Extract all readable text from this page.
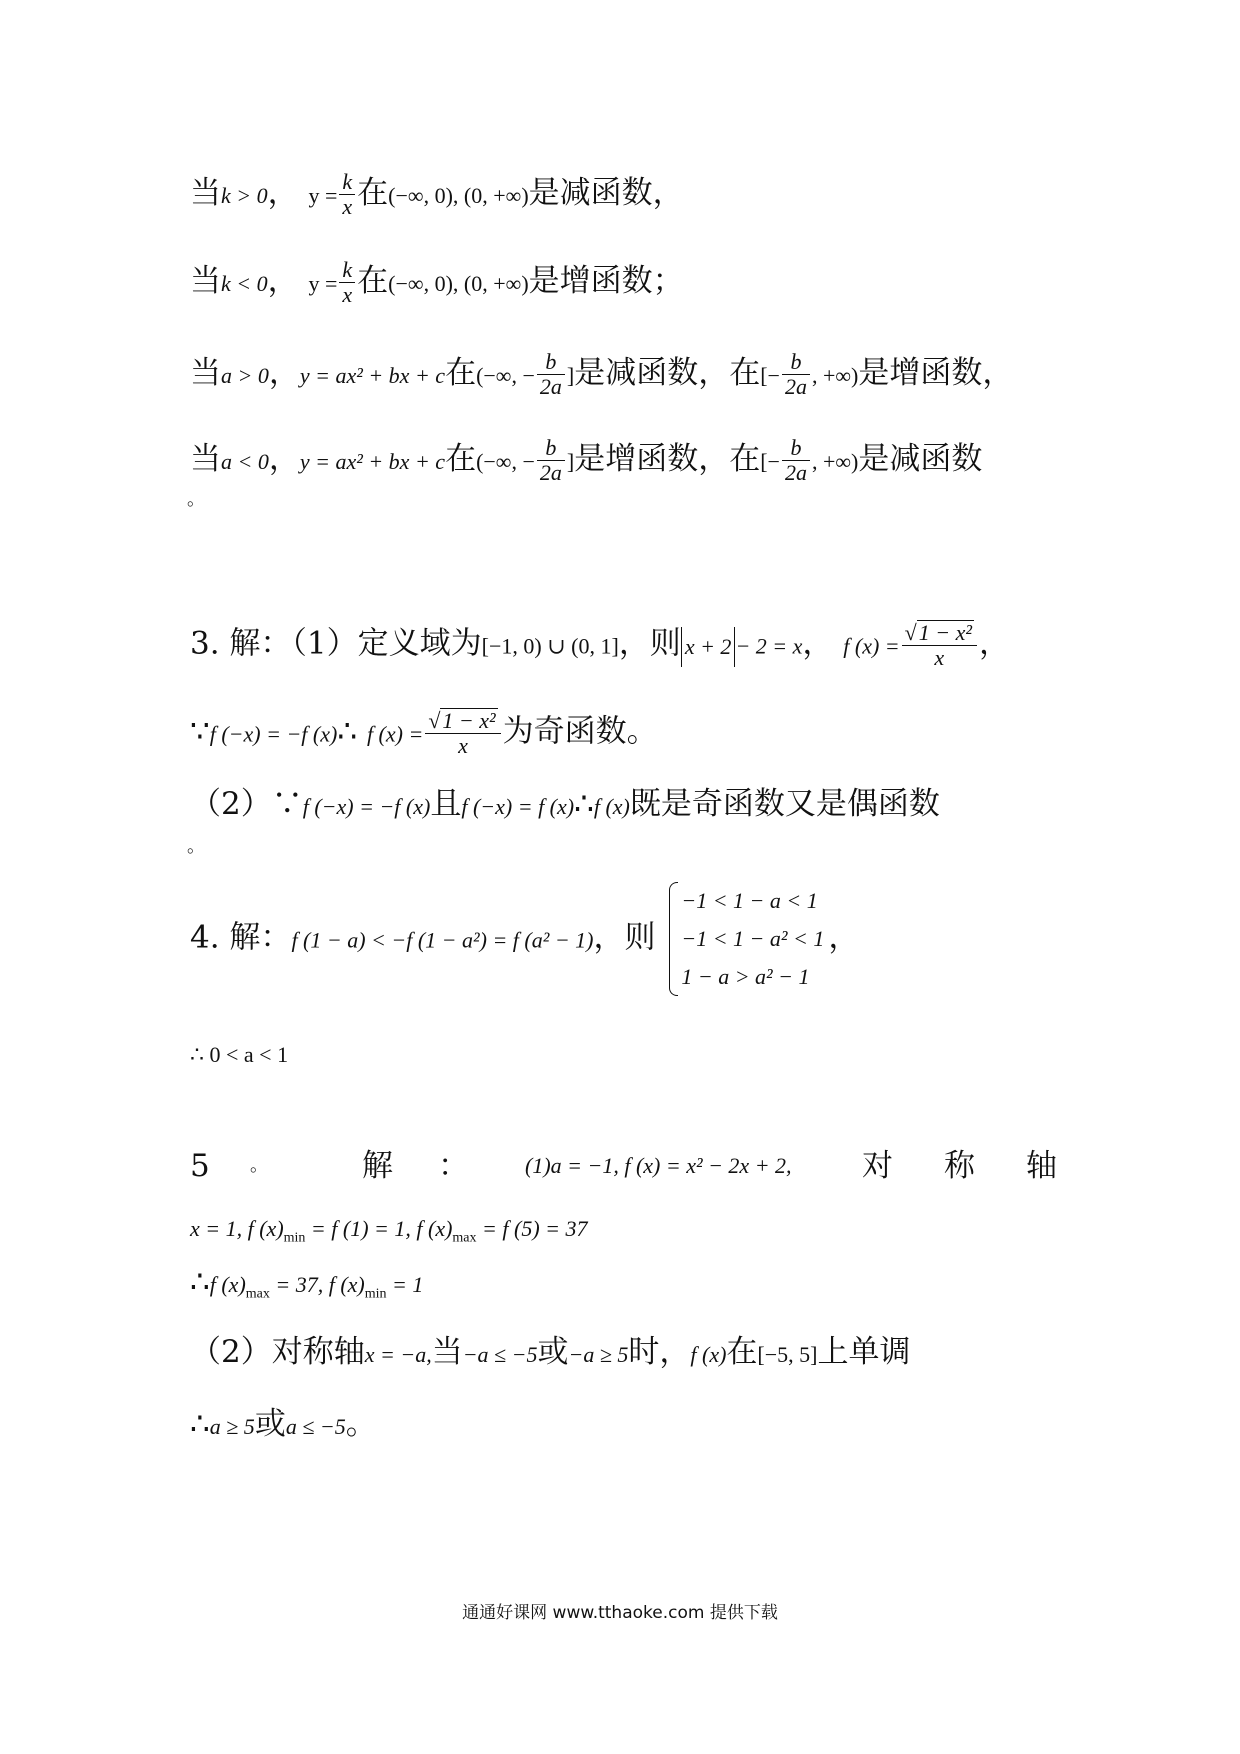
当k > 0， $y = \frac{k}{x}$ 在(−∞, 0), (0, +∞)是减函数，
当k < 0， $y = \frac{k}{x}$ 在(−∞, 0), (0, +∞)是增函数；
当a > 0，y = ax² + bx + c在(−∞, − $\frac{b}{2a}$ ]是减函数，在[− $\frac{b}{2a}$ , +∞)是增函数，
当a < 0，y = ax² + bx + c在(−∞, − $\frac{b}{2a}$ ]是增函数，在[− $\frac{b}{2a}$ , +∞)是减函数
。
3. 解：（1）定义域为[−1, 0) ∪ (0, 1]，则 x + 2 − 2 = x， f $(x) = \frac{\text{√1 − x²}}{x}$ ，
∵f (−x) = −f (x)∴ f $(x) = \frac{\text{√1 − x²}}{x}$ 为奇函数。
（2）∵f (−x) = −f (x)且f (−x) = f (x)∴f (x)既是奇函数又是偶函数
。
4. 解：f (1 − a) < −f (1 − a²) = f (a² − 1)，则
−1 < 1 − a < 1
−1 < 1 − a² < 1
1 − a > a² − 1
，
∴ 0 < a < 1
5 。	解 ：	(1)a = −1, f (x) = x² − 2x + 2, 对 称 轴
x = 1, f $(x)_{min} = f$ (1) = 1, f $(x)_{max} = f$ (5) = 37
∴f $(x)_{max} = 37$, f $(x)_{min} = 1$
（2）对称轴x = −a,当−a ≤ −5或−a ≥ 5时，f (x)在[−5, 5]上单调
∴a ≥ 5或a ≤ −5。
通通好课网 www.tthaoke.com 提供下载
